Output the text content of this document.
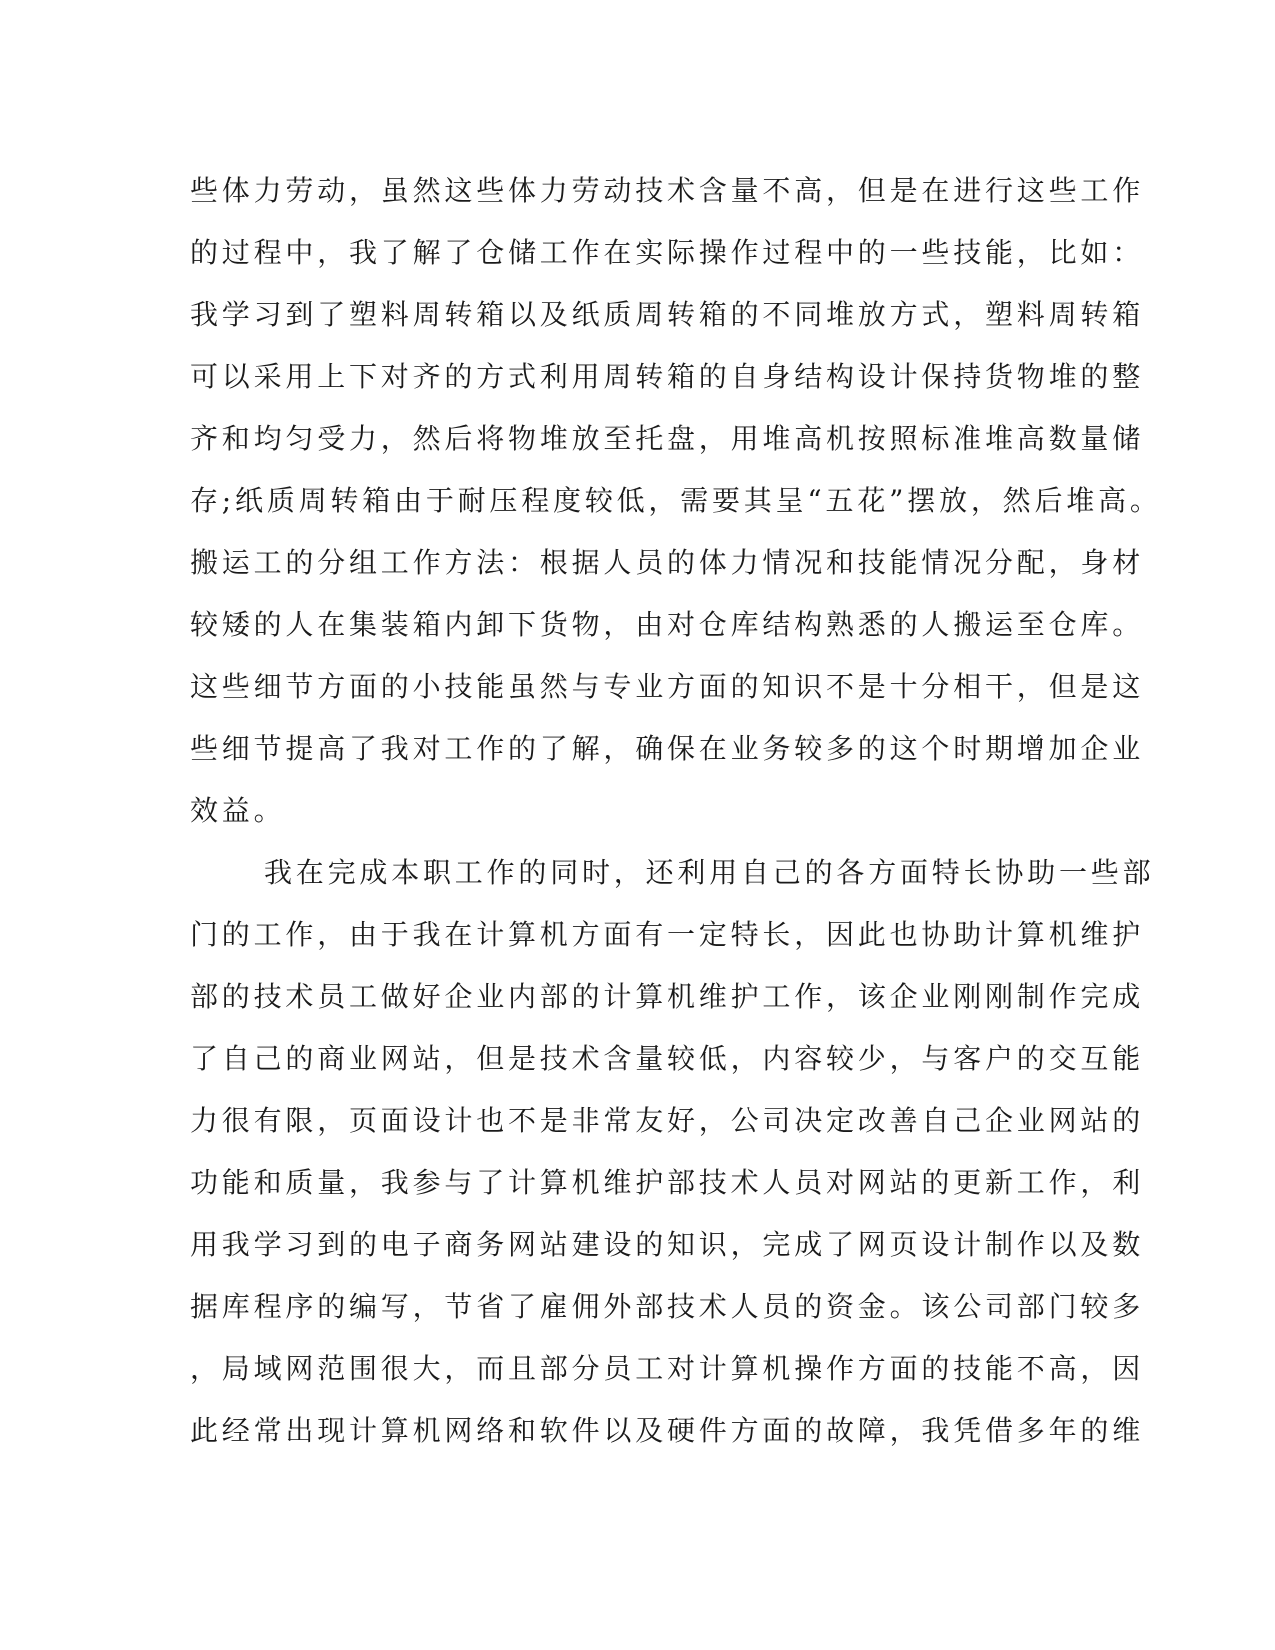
些体力劳动，虽然这些体力劳动技术含量不高，但是在进行这些工作
的过程中，我了解了仓储工作在实际操作过程中的一些技能，比如：
我学习到了塑料周转箱以及纸质周转箱的不同堆放方式，塑料周转箱
可以采用上下对齐的方式利用周转箱的自身结构设计保持货物堆的整
齐和均匀受力，然后将物堆放至托盘，用堆高机按照标准堆高数量储
存;纸质周转箱由于耐压程度较低，需要其呈“五花”摆放，然后堆高。
搬运工的分组工作方法：根据人员的体力情况和技能情况分配，身材
较矮的人在集装箱内卸下货物，由对仓库结构熟悉的人搬运至仓库。
这些细节方面的小技能虽然与专业方面的知识不是十分相干，但是这
些细节提高了我对工作的了解，确保在业务较多的这个时期增加企业
效益。
我在完成本职工作的同时，还利用自己的各方面特长协助一些部
门的工作，由于我在计算机方面有一定特长，因此也协助计算机维护
部的技术员工做好企业内部的计算机维护工作，该企业刚刚制作完成
了自己的商业网站，但是技术含量较低，内容较少，与客户的交互能
力很有限，页面设计也不是非常友好，公司决定改善自己企业网站的
功能和质量，我参与了计算机维护部技术人员对网站的更新工作，利
用我学习到的电子商务网站建设的知识，完成了网页设计制作以及数
据库程序的编写，节省了雇佣外部技术人员的资金。该公司部门较多
，局域网范围很大，而且部分员工对计算机操作方面的技能不高，因
此经常出现计算机网络和软件以及硬件方面的故障，我凭借多年的维
